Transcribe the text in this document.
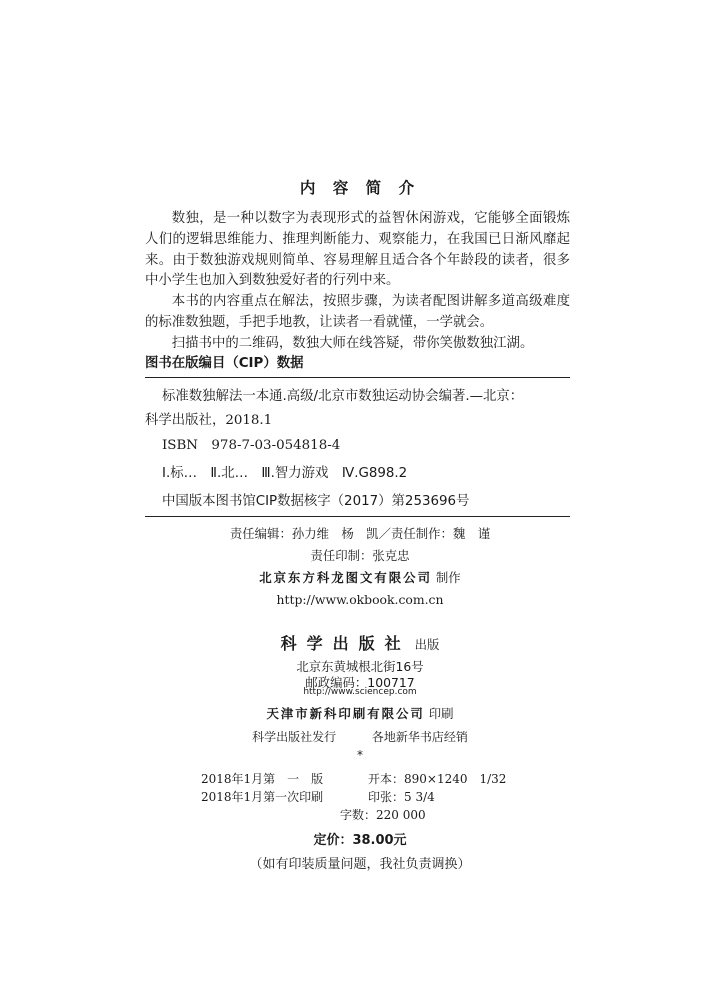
内 容 简 介

数独，是一种以数字为表现形式的益智休闲游戏，它能够全面锻炼人们的逻辑思维能力、推理判断能力、观察能力，在我国已日渐风靡起来。由于数独游戏规则简单、容易理解且适合各个年龄段的读者，很多中小学生也加入到数独爱好者的行列中来。

本书的内容重点在解法，按照步骤，为读者配图讲解多道高级难度的标准数独题，手把手地教，让读者一看就懂，一学就会。

扫描书中的二维码，数独大师在线答疑，带你笑傲数独江湖。

图书在版编目（CIP）数据
标准数独解法一本通.高级/北京市数独运动协会编著.—北京：
科学出版社，2018.1
ISBN　978-7-03-054818-4
Ⅰ.标…　Ⅱ.北…　Ⅲ.智力游戏　Ⅳ.G898.2
中国版本图书馆CIP数据核字（2017）第253696号
责任编辑：孙力维　杨　凯／责任制作：魏　谨
责任印制：张克忠
北京东方科龙图文有限公司 制作
http://www.okbook.com.cn
科学出版社 出版
北京东黄城根北街16号
邮政编码：100717
http://www.sciencep.com
天津市新科印刷有限公司 印刷
科学出版社发行	各地新华书店经销
*
2018年1月第　一　版	开本：890×1240　1/32
2018年1月第一次印刷	印张：5 3/4
字数：220 000
定价：38.00元
（如有印装质量问题，我社负责调换）
